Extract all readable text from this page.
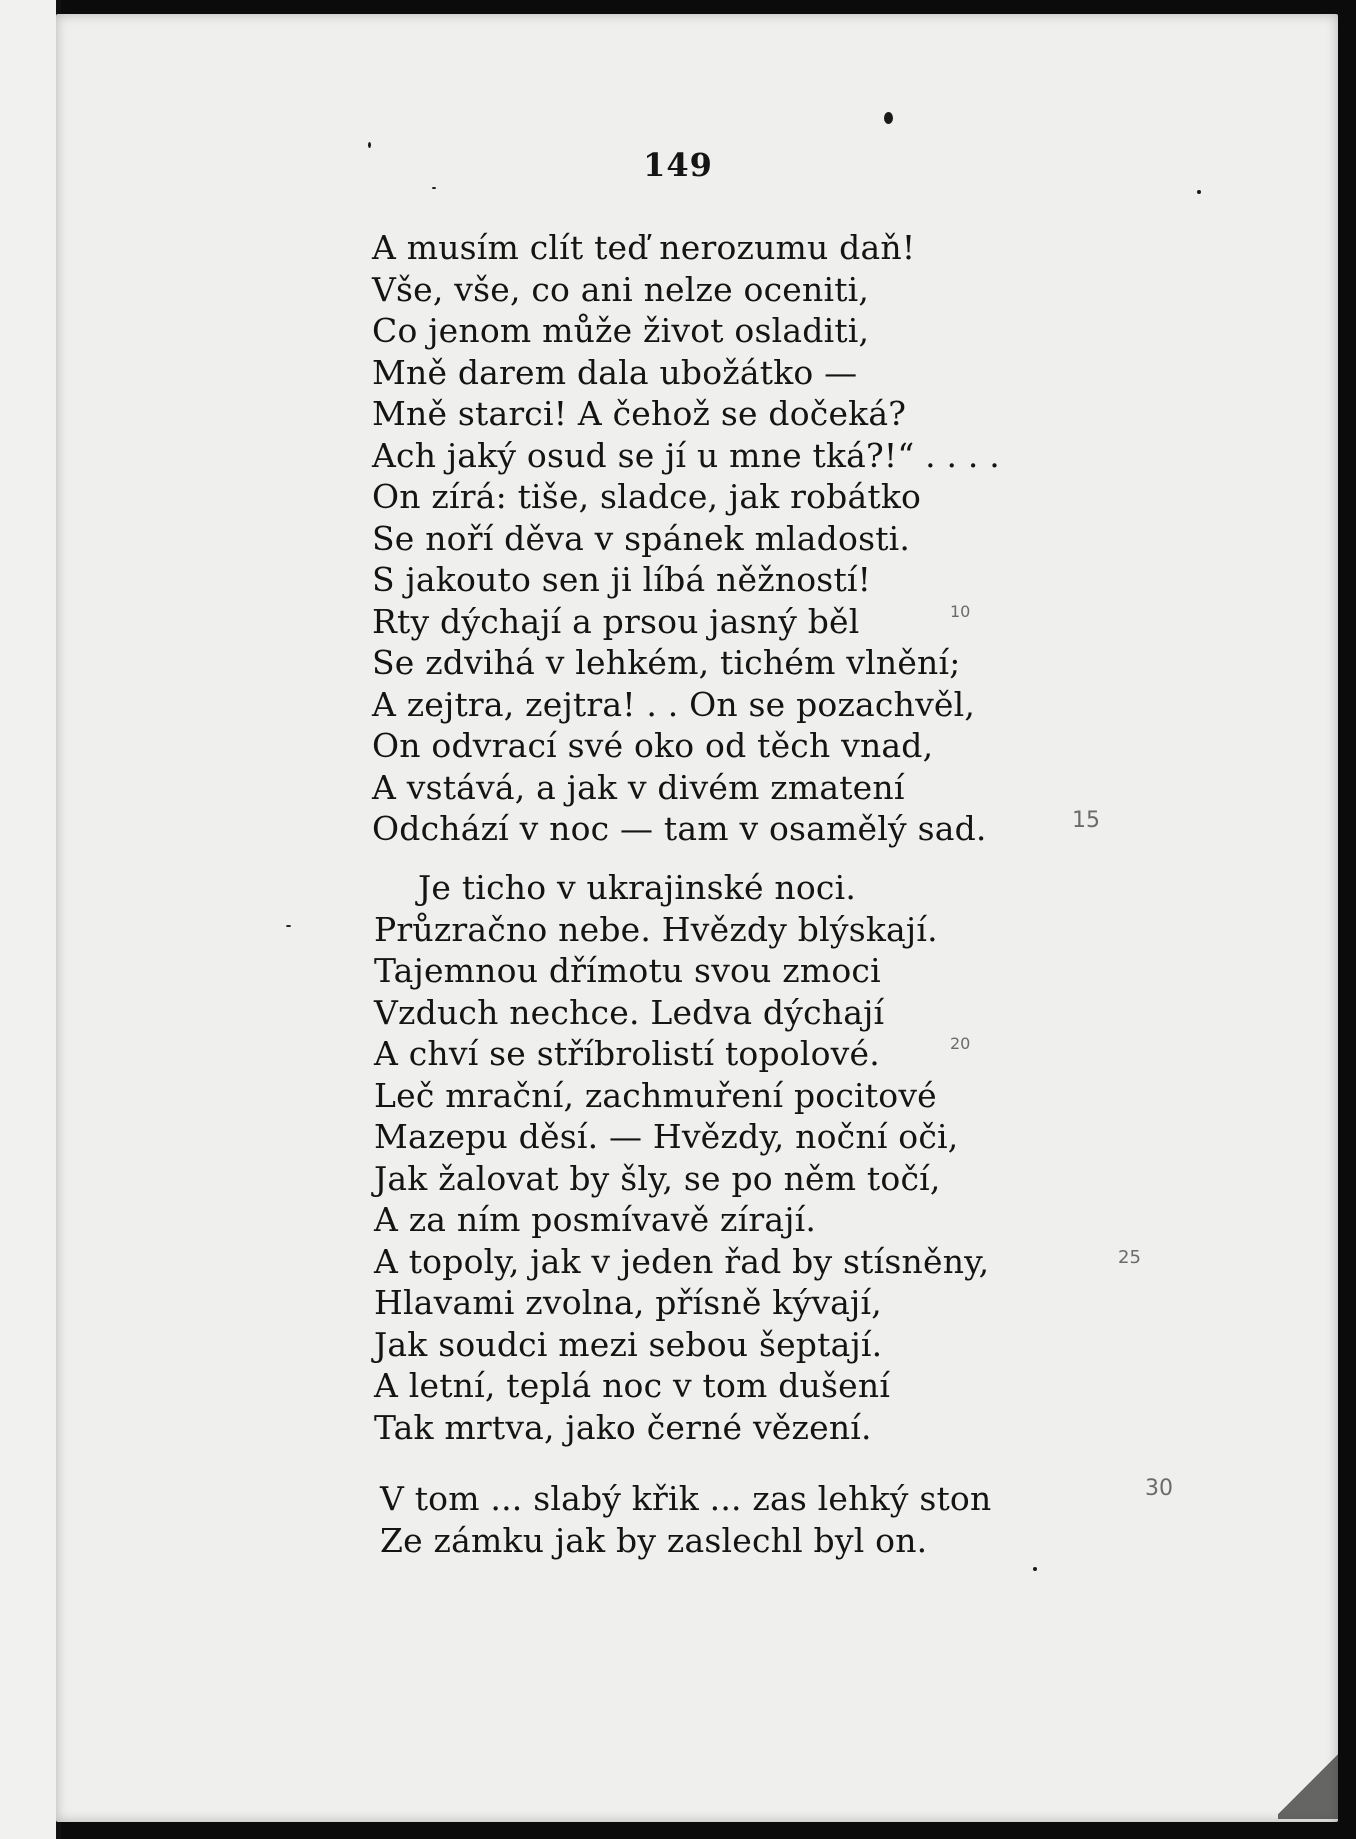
149
A musím clít teď nerozumu daň!
Vše, vše, co ani nelze oceniti,
Co jenom může život osladiti,
Mně darem dala ubožátko —
Mně starci! A čehož se dočeká?
Ach jaký osud se jí u mne tká?!“ . . . .
On zírá: tiše, sladce, jak robátko
Se noří děva v spánek mladosti.
S jakouto sen ji líbá něžností!
Rty dýchají a prsou jasný běl
Se zdvihá v lehkém, tichém vlnění;
A zejtra, zejtra! . . On se pozachvěl,
On odvrací své oko od těch vnad,
A vstává, a jak v divém zmatení
Odchází v noc — tam v osamělý sad.
Je ticho v ukrajinské noci.
Průzračno nebe. Hvězdy blýskají.
Tajemnou dřímotu svou zmoci
Vzduch nechce. Ledva dýchají
A chví se stříbrolistí topolové.
Leč mrační, zachmuření pocitové
Mazepu děsí. — Hvězdy, noční oči,
Jak žalovat by šly, se po něm točí,
A za ním posmívavě zírají.
A topoly, jak v jeden řad by stísněny,
Hlavami zvolna, přísně kývají,
Jak soudci mezi sebou šeptají.
A letní, teplá noc v tom dušení
Tak mrtva, jako černé vězení.
V tom ... slabý křik ... zas lehký ston
Ze zámku jak by zaslechl byl on.
10
15
20
25
30
